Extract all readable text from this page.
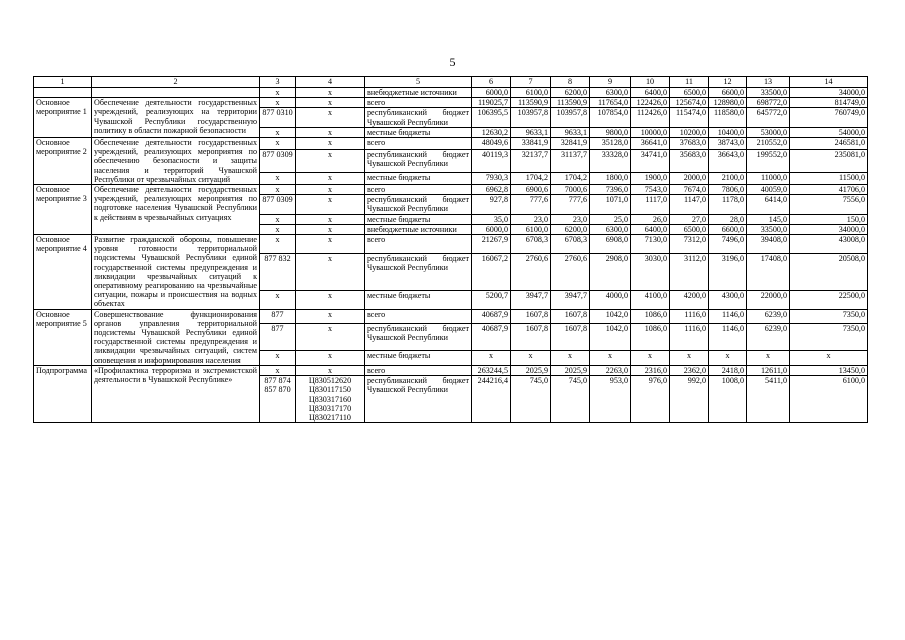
5
1	2	3	4	5	6	7	8	9	10	11	12	13	14
		x	x	внебюджетные источники	6000,0	6100,0	6200,0	6300,0	6400,0	6500,0	6600,0	33500,0	34000,0
Основное мероприятие 1	Обеспечение деятельности государственных учреждений, реализующих на территории Чувашской Республики государственную политику в области пожарной безопасности	x	x	всего	119025,7	113590,9	113590,9	117654,0	122426,0	125674,0	128980,0	698772,0	814749,0
		877 0310	x	республиканский бюджет Чувашской Республики	106395,5	103957,8	103957,8	107854,0	112426,0	115474,0	118580,0	645772,0	760749,0
		x	x	местные бюджеты	12630,2	9633,1	9633,1	9800,0	10000,0	10200,0	10400,0	53000,0	54000,0
Основное мероприятие 2	Обеспечение деятельности государственных учреждений, реализующих мероприятия по обеспечению безопасности и защиты населения и территорий Чувашской Республики от чрезвычайных ситуаций	x	x	всего	48049,6	33841,9	32841,9	35128,0	36641,0	37683,0	38743,0	210552,0	246581,0
		877 0309	x	республиканский бюджет Чувашской Республики	40119,3	32137,7	31137,7	33328,0	34741,0	35683,0	36643,0	199552,0	235081,0
		x	x	местные бюджеты	7930,3	1704,2	1704,2	1800,0	1900,0	2000,0	2100,0	11000,0	11500,0
Основное мероприятие 3	Обеспечение деятельности государственных учреждений, реализующих мероприятия по подготовке населения Чувашской Республики к действиям в чрезвычайных ситуациях	x	x	всего	6962,8	6900,6	7000,6	7396,0	7543,0	7674,0	7806,0	40059,0	41706,0
		877 0309	x	республиканский бюджет Чувашской Республики	927,8	777,6	777,6	1071,0	1117,0	1147,0	1178,0	6414,0	7556,0
		x	x	местные бюджеты	35,0	23,0	23,0	25,0	26,0	27,0	28,0	145,0	150,0
		x	x	внебюджетные источники	6000,0	6100,0	6200,0	6300,0	6400,0	6500,0	6600,0	33500,0	34000,0
Основное мероприятие 4	Развитие гражданской обороны, повышение уровня готовности территориальной подсистемы Чувашской Республики единой государственной системы предупреждения и ликвидации чрезвычайных ситуаций к оперативному реагированию на чрезвычайные ситуации, пожары и происшествия на водных объектах	x	x	всего	21267,9	6708,3	6708,3	6908,0	7130,0	7312,0	7496,0	39408,0	43008,0
		877 832	x	республиканский бюджет Чувашской Республики	16067,2	2760,6	2760,6	2908,0	3030,0	3112,0	3196,0	17408,0	20508,0
		x	x	местные бюджеты	5200,7	3947,7	3947,7	4000,0	4100,0	4200,0	4300,0	22000,0	22500,0
Основное мероприятие 5	Совершенствование функционирования органов управления территориальной подсистемы Чувашской Республики единой государственной системы предупреждения и ликвидации чрезвычайных ситуаций, систем оповещения и информирования населения	877	x	всего	40687,9	1607,8	1607,8	1042,0	1086,0	1116,0	1146,0	6239,0	7350,0
		877	x	республиканский бюджет Чувашской Республики	40687,9	1607,8	1607,8	1042,0	1086,0	1116,0	1146,0	6239,0	7350,0
		x	x	местные бюджеты	x	x	x	x	x	x	x	x	x
Подпрограмма	«Профилактика терроризма и экстремистской деятельности в Чувашской Республике»	x	x	всего	263244,5	2025,9	2025,9	2263,0	2316,0	2362,0	2418,0	12611,0	13450,0
		877 874 857 870	Ц830512620 Ц830117150 Ц830317160 Ц830317170 Ц830217110	республиканский бюджет Чувашской Республики	244216,4	745,0	745,0	953,0	976,0	992,0	1008,0	5411,0	6100,0
